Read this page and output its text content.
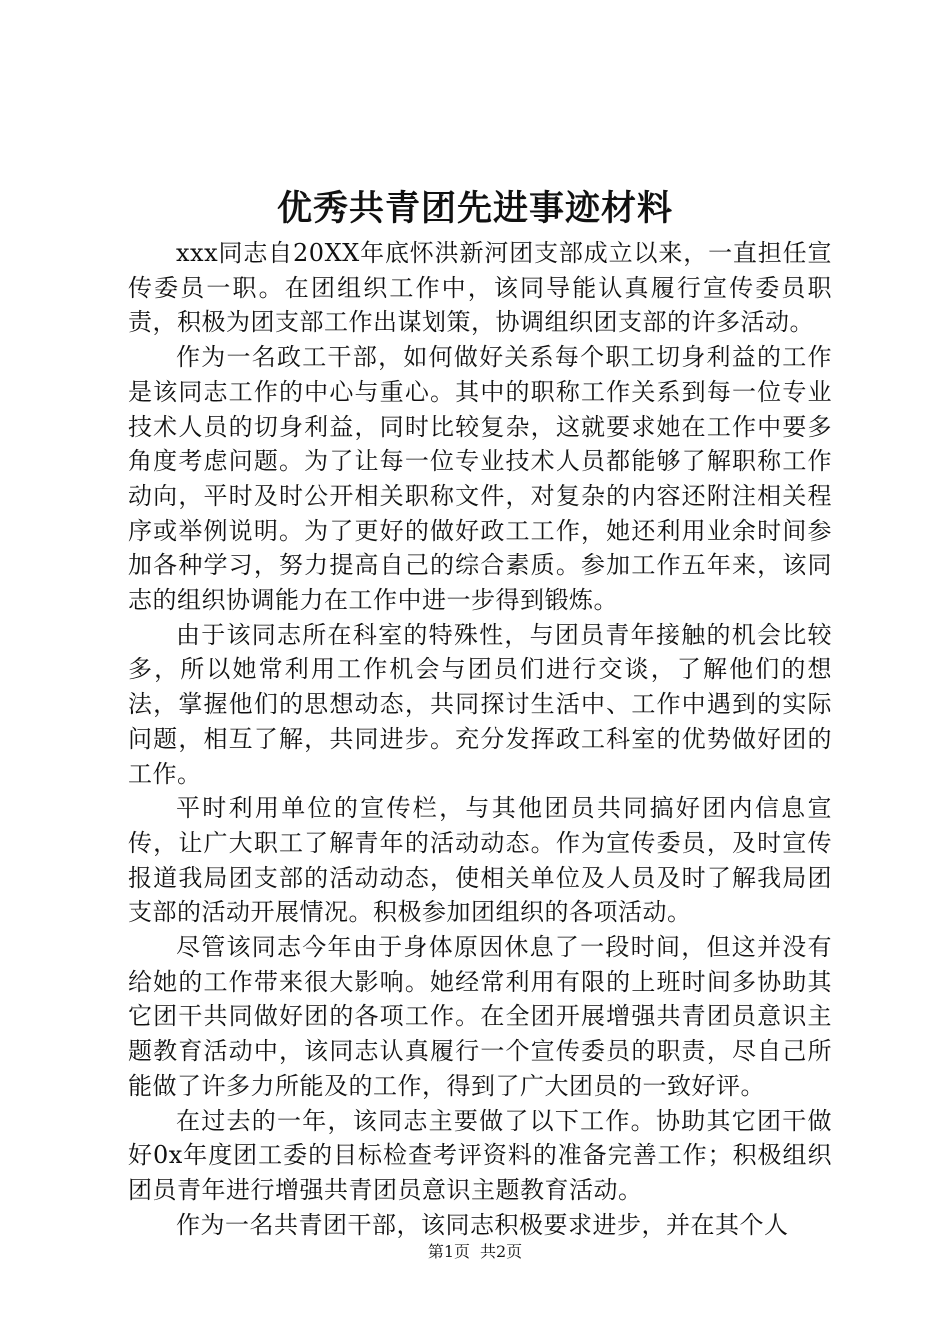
优秀共青团先进事迹材料

xxx同志自20XX年底怀洪新河团支部成立以来，一直担任宣传委员一职。在团组织工作中，该同导能认真履行宣传委员职责，积极为团支部工作出谋划策，协调组织团支部的许多活动。

作为一名政工干部，如何做好关系每个职工切身利益的工作是该同志工作的中心与重心。其中的职称工作关系到每一位专业技术人员的切身利益，同时比较复杂，这就要求她在工作中要多角度考虑问题。为了让每一位专业技术人员都能够了解职称工作动向，平时及时公开相关职称文件，对复杂的内容还附注相关程序或举例说明。为了更好的做好政工工作，她还利用业余时间参加各种学习，努力提高自己的综合素质。参加工作五年来，该同志的组织协调能力在工作中进一步得到锻炼。

由于该同志所在科室的特殊性，与团员青年接触的机会比较多，所以她常利用工作机会与团员们进行交谈，了解他们的想法，掌握他们的思想动态，共同探讨生活中、工作中遇到的实际问题，相互了解，共同进步。充分发挥政工科室的优势做好团的工作。

平时利用单位的宣传栏，与其他团员共同搞好团内信息宣传，让广大职工了解青年的活动动态。作为宣传委员，及时宣传报道我局团支部的活动动态，使相关单位及人员及时了解我局团支部的活动开展情况。积极参加团组织的各项活动。

尽管该同志今年由于身体原因休息了一段时间，但这并没有给她的工作带来很大影响。她经常利用有限的上班时间多协助其它团干共同做好团的各项工作。在全团开展增强共青团员意识主题教育活动中，该同志认真履行一个宣传委员的职责，尽自己所能做了许多力所能及的工作，得到了广大团员的一致好评。

在过去的一年，该同志主要做了以下工作。协助其它团干做好0x年度团工委的目标检查考评资料的准备完善工作；积极组织团员青年进行增强共青团员意识主题教育活动。

作为一名共青团干部，该同志积极要求进步，并在其个人

第1页 共2页
